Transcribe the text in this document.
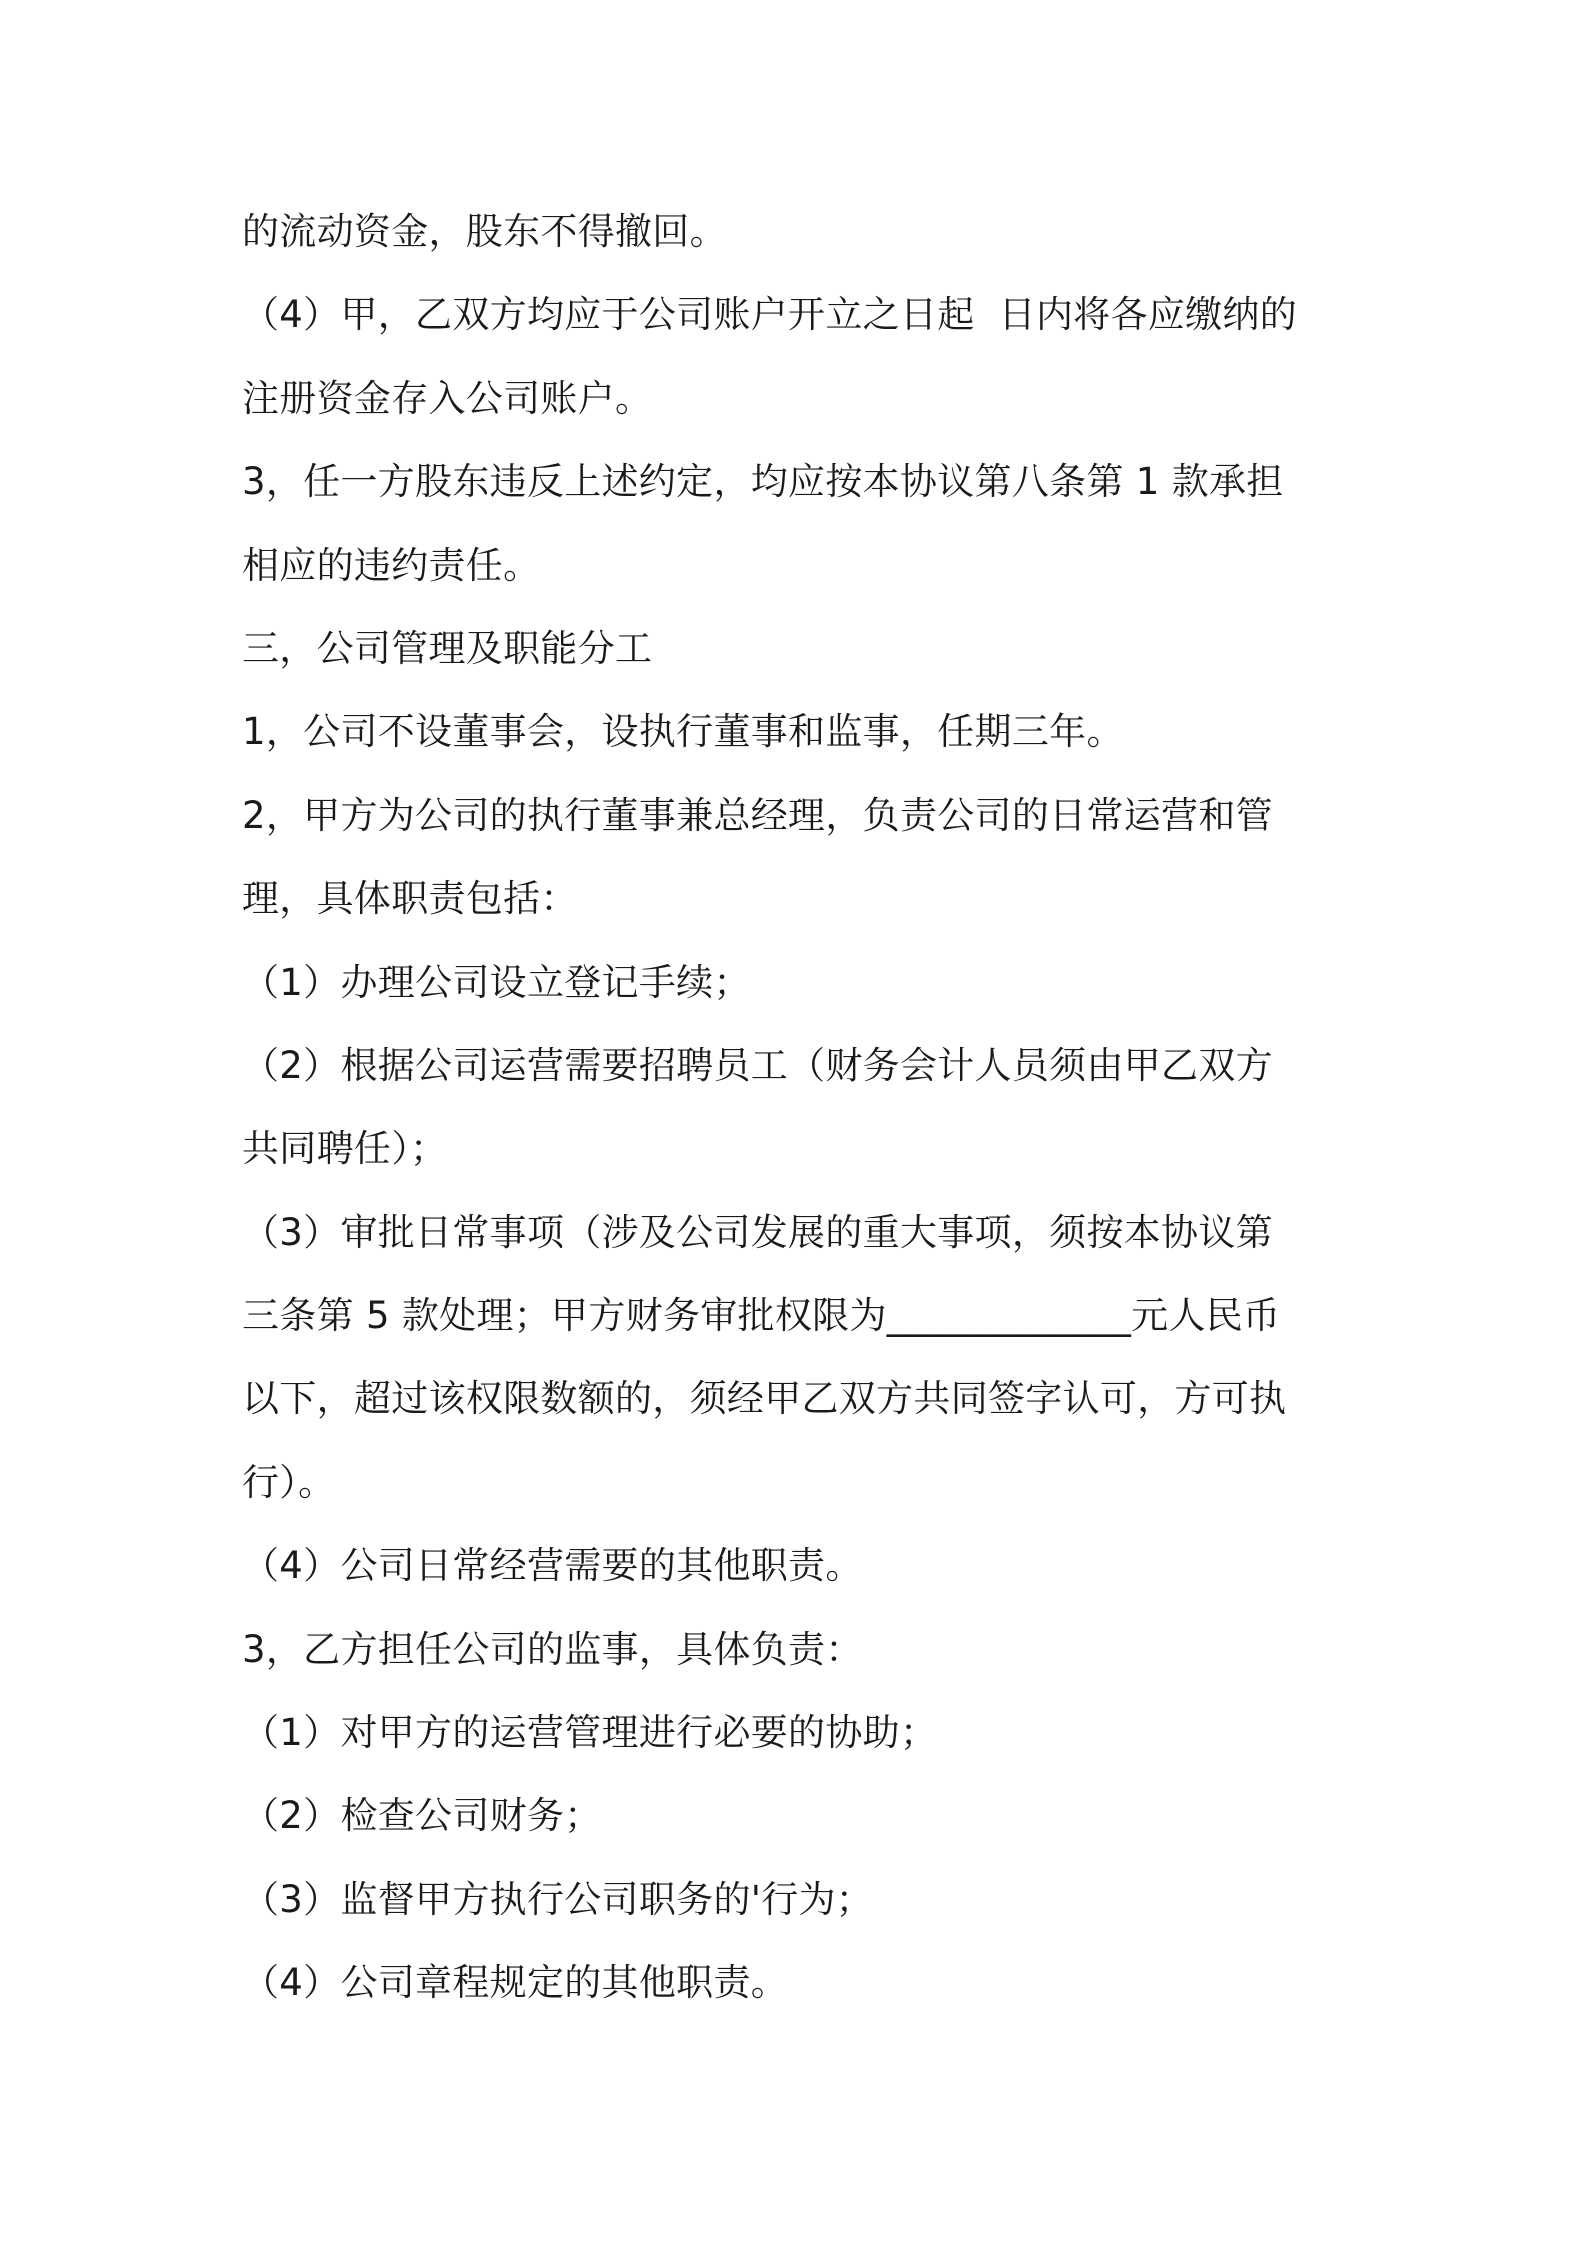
的流动资金，股东不得撤回。
（4）甲，乙双方均应于公司账户开立之日起  日内将各应缴纳的
注册资金存入公司账户。
3，任一方股东违反上述约定，均应按本协议第八条第 1 款承担
相应的违约责任。
三，公司管理及职能分工
1，公司不设董事会，设执行董事和监事，任期三年。
2，甲方为公司的执行董事兼总经理，负责公司的日常运营和管
理，具体职责包括：
（1）办理公司设立登记手续；
（2）根据公司运营需要招聘员工（财务会计人员须由甲乙双方
共同聘任）；
（3）审批日常事项（涉及公司发展的重大事项，须按本协议第
三条第 5 款处理；甲方财务审批权限为_____________元人民币
以下，超过该权限数额的，须经甲乙双方共同签字认可，方可执
行）。
（4）公司日常经营需要的其他职责。
3，乙方担任公司的监事，具体负责：
（1）对甲方的运营管理进行必要的协助；
（2）检查公司财务；
（3）监督甲方执行公司职务的'行为；
（4）公司章程规定的其他职责。
